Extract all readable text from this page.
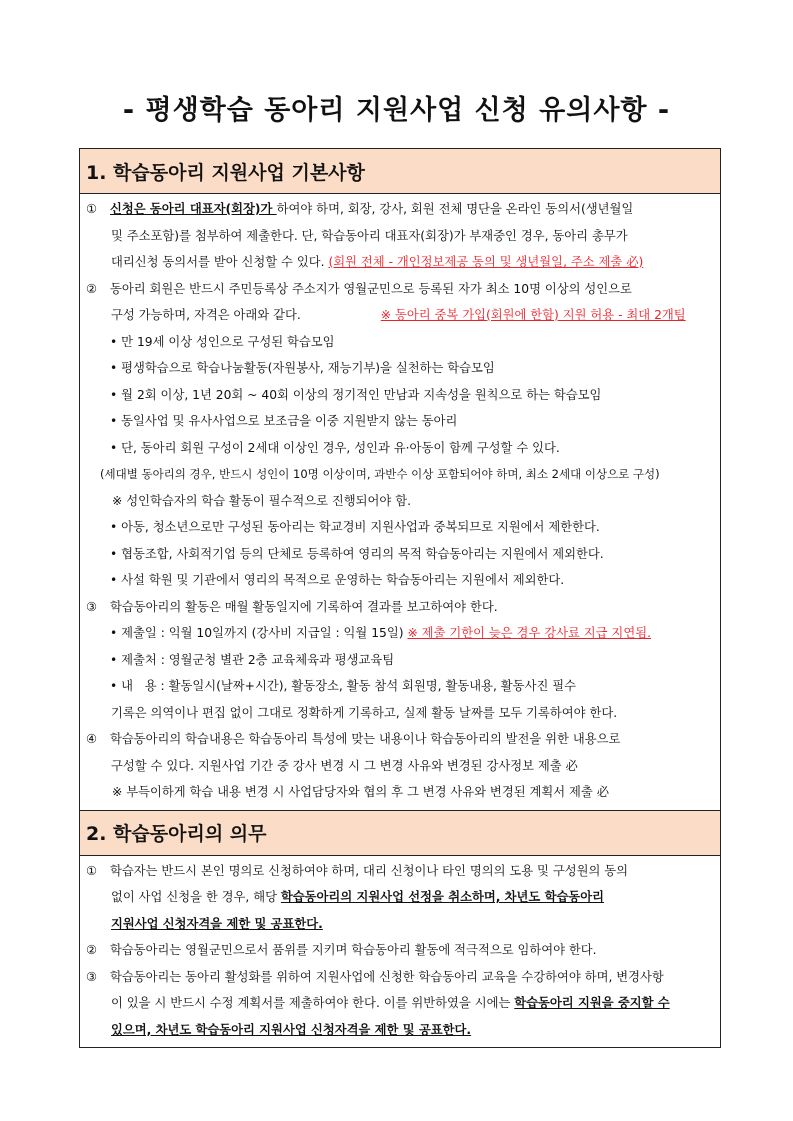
- 평생학습 동아리 지원사업 신청 유의사항 -
1. 학습동아리 지원사업 기본사항
① 신청은 동아리 대표자(회장)가 하여야 하며, 회장, 강사, 회원 전체 명단을 온라인 동의서(생년월일
및 주소포함)를 첨부하여 제출한다. 단, 학습동아리 대표자(회장)가 부재중인 경우, 동아리 총무가
대리신청 동의서를 받아 신청할 수 있다. (회원 전체 - 개인정보제공 동의 및 생년월일, 주소 제출 必)
② 동아리 회원은 반드시 주민등록상 주소지가 영월군민으로 등록된 자가 최소 10명 이상의 성인으로
구성 가능하며, 자격은 아래와 같다.	※ 동아리 중복 가입(회원에 한함) 지원 허용 - 최대 2개팀
• 만 19세 이상 성인으로 구성된 학습모임
• 평생학습으로 학습나눔활동(자원봉사, 재능기부)을 실천하는 학습모임
• 월 2회 이상, 1년 20회 ~ 40회 이상의 정기적인 만남과 지속성을 원칙으로 하는 학습모임
• 동일사업 및 유사사업으로 보조금을 이중 지원받지 않는 동아리
• 단, 동아리 회원 구성이 2세대 이상인 경우, 성인과 유·아동이 함께 구성할 수 있다.
(세대별 동아리의 경우, 반드시 성인이 10명 이상이며, 과반수 이상 포함되어야 하며, 최소 2세대 이상으로 구성)
※ 성인학습자의 학습 활동이 필수적으로 진행되어야 함.
• 아동, 청소년으로만 구성된 동아리는 학교경비 지원사업과 중복되므로 지원에서 제한한다.
• 협동조합, 사회적기업 등의 단체로 등록하여 영리의 목적 학습동아리는 지원에서 제외한다.
• 사설 학원 및 기관에서 영리의 목적으로 운영하는 학습동아리는 지원에서 제외한다.
③ 학습동아리의 활동은 매월 활동일지에 기록하여 결과를 보고하여야 한다.
• 제출일 : 익월 10일까지 (강사비 지급일 : 익월 15일) ※ 제출 기한이 늦은 경우 강사료 지급 지연됨.
• 제출처 : 영월군청 별관 2층 교육체육과 평생교육팀
• 내   용 : 활동일시(날짜+시간), 활동장소, 활동 참석 회원명, 활동내용, 활동사진 필수
기록은 의역이나 편집 없이 그대로 정확하게 기록하고, 실제 활동 날짜를 모두 기록하여야 한다.
④ 학습동아리의 학습내용은 학습동아리 특성에 맞는 내용이나 학습동아리의 발전을 위한 내용으로
구성할 수 있다. 지원사업 기간 중 강사 변경 시 그 변경 사유와 변경된 강사정보 제출 必
※ 부득이하게 학습 내용 변경 시 사업담당자와 협의 후 그 변경 사유와 변경된 계획서 제출 必
2. 학습동아리의 의무
① 학습자는 반드시 본인 명의로 신청하여야 하며, 대리 신청이나 타인 명의의 도용 및 구성원의 동의
없이 사업 신청을 한 경우, 해당 학습동아리의 지원사업 선정을 취소하며, 차년도 학습동아리
지원사업 신청자격을 제한 및 공표한다.
② 학습동아리는 영월군민으로서 품위를 지키며 학습동아리 활동에 적극적으로 임하여야 한다.
③ 학습동아리는 동아리 활성화를 위하여 지원사업에 신청한 학습동아리 교육을 수강하여야 하며, 변경사항
이 있을 시 반드시 수정 계획서를 제출하여야 한다. 이를 위반하였을 시에는 학습동아리 지원을 중지할 수
있으며, 차년도 학습동아리 지원사업 신청자격을 제한 및 공표한다.
